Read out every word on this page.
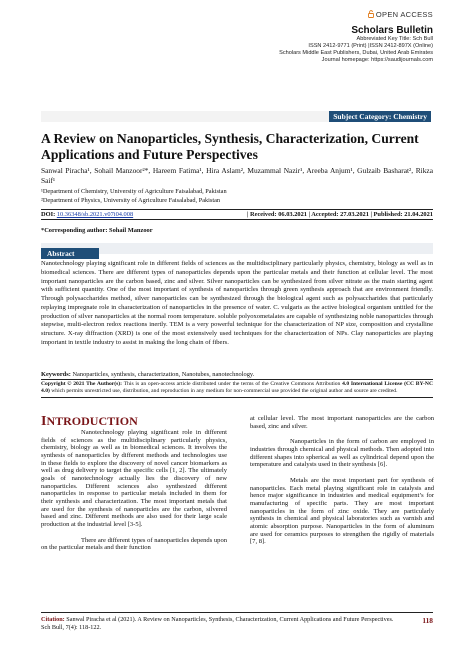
OPEN ACCESS
Scholars Bulletin
Abbreviated Key Title: Sch Bull
ISSN 2412-9771 (Print) |ISSN 2412-897X (Online)
Scholars Middle East Publishers, Dubai, United Arab Emirates
Journal homepage: https://saudijournals.com
Subject Category: Chemistry
A Review on Nanoparticles, Synthesis, Characterization, Current Applications and Future Perspectives
Sanwal Piracha¹, Sohail Manzoor²*, Hareem Fatima¹, Hira Aslam², Muzammal Nazir¹, Areeba Anjum¹, Gulzaib Basharat², Rikza Saif¹
¹Department of Chemistry, University of Agriculture Faisalabad, Pakistan
²Department of Physics, University of Agriculture Faisalabad, Pakistan
DOI: 10.36348/sb.2021.v07i04.008	| Received: 06.03.2021 | Accepted: 27.03.2021 | Published: 21.04.2021
*Corresponding author: Sohail Manzoor
Abstract
Nanotechnology playing significant role in different fields of sciences as the multidisciplinary particularly physics, chemistry, biology as well as in biomedical sciences. There are different types of nanoparticles depends upon the particular metals and their function at cellular level. The most important nanoparticles are the carbon based, zinc and silver. Silver nanoparticles can be synthesized from silver nitrate as the main starting agent with sufficient quantity. One of the most important of synthesis of nanoparticles through green synthesis approach that are environment friendly. Through polysaccharides method, silver nanoparticles can be synthesized through the biological agent such as polysaccharides that particularly replaying impregnate role in characterization of nanoparticles in the presence of water. C. vulgaris as the active biological organism untitled for the production of silver nanoparticles at the normal room temperature. soluble polyoxometalates are capable of synthesizing noble nanoparticles through stepwise, multi-electron redox reactions inertly. TEM is a very powerful technique for the characterization of NP size, composition and crystalline structure. X-ray diffraction (XRD) is one of the most extensively used techniques for the characterization of NPs. Clay nanoparticles are playing important in textile industry to assist in making the long chain of fibers.
Keywords: Nanoparticles, synthesis, characterization, Nanotubes, nanotechnology.
Copyright © 2021 The Author(s): This is an open-access article distributed under the terms of the Creative Commons Attribution 4.0 International License (CC BY-NC 4.0) which permits unrestricted use, distribution, and reproduction in any medium for non-commercial use provided the original author and source are credited.
INTRODUCTION

Nanotechnology playing significant role in different fields of sciences as the multidisciplinary particularly physics, chemistry, biology as well as in biomedical sciences. It involves the synthesis of nanoparticles by different methods and technologies use in these fields to explore the discovery of novel cancer biomarkers as well as drug delivery to target the specific cells [1, 2]. The ultimately goals of nanotechnology actually lies the discovery of new nanoparticles. Different sciences also synthesized different nanoparticles in response to particular metals included in them for their synthesis and characterization. The most important metals that are used for the synthesis of nanoparticles are the carbon, silvered based and zinc. Different methods are also used for their large scale production at the industrial level [3-5].

There are different types of nanoparticles depends upon on the particular metals and their function

at cellular level. The most important nanoparticles are the carbon based, zinc and silver.

Nanoparticles in the form of carbon are employed in industries through chemical and physical methods. Then adopted into different shapes into spherical as well as cylindrical depend upon the temperature and catalysts used in their synthesis [6].

Metals are the most important part for synthesis of nanoparticles. Each metal playing significant role in catalysis and hence major significance in industries and medical equipment’s for manufacturing of specific parts. They are most important nanoparticles in the form of zinc oxide. They are particularly synthesis in chemical and physical laboratories such as varnish and atomic absorption purpose. Nanoparticles in the form of aluminum are used for ceramics purposes to strengthen the rigidly of materials [7, 8].

Citation: Sanwal Piracha et al (2021). A Review on Nanoparticles, Synthesis, Characterization, Current Applications and Future Perspectives. Sch Bull, 7(4): 118-122.
118
